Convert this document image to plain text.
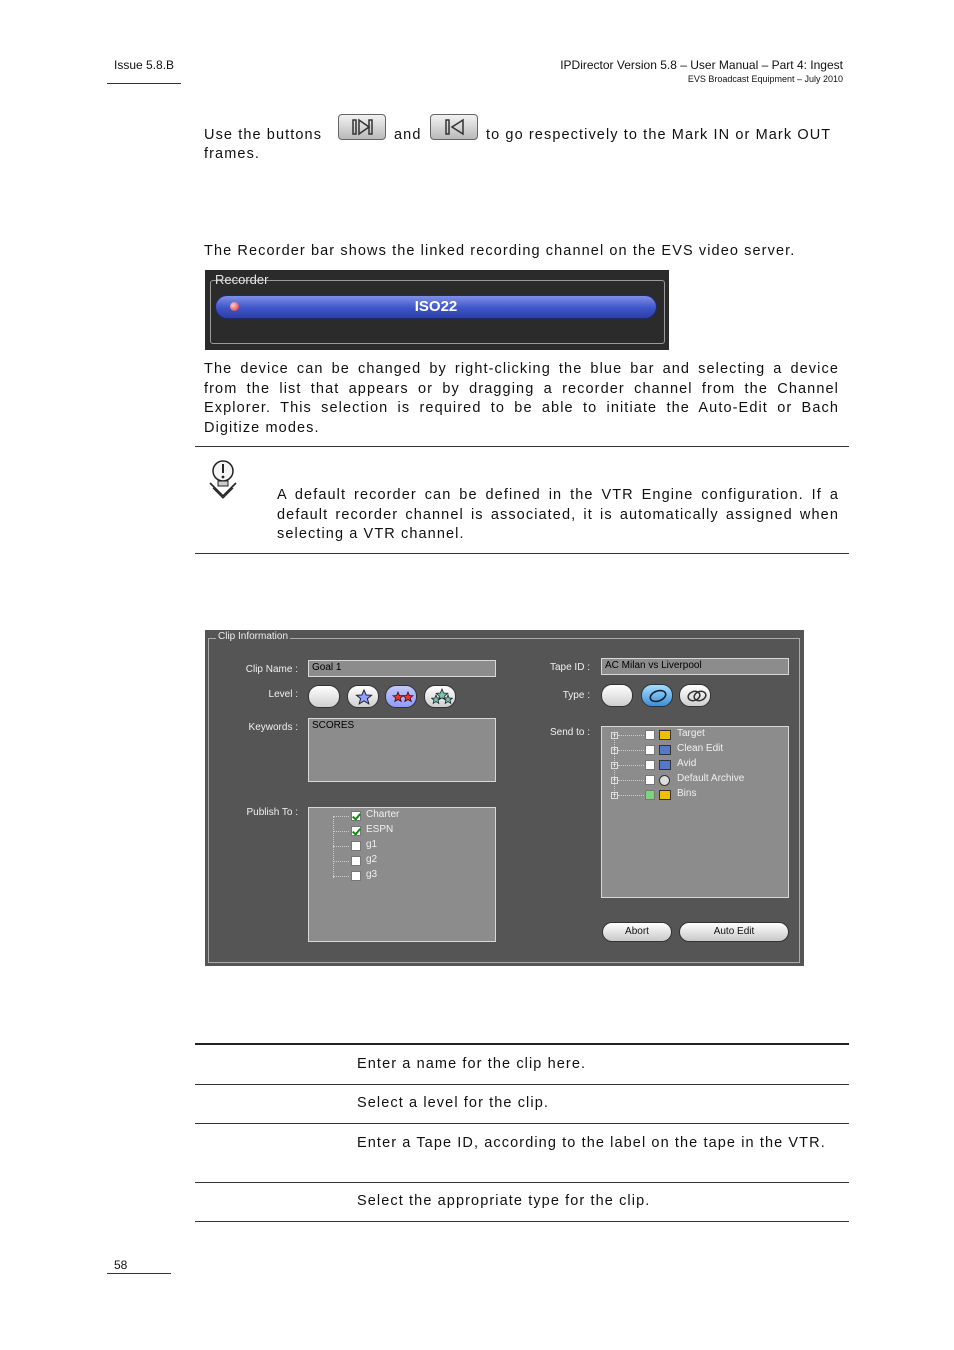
Issue 5.8.B	IPDirector Version 5.8 – User Manual – Part 4: Ingest
EVS Broadcast Equipment – July 2010
Use the buttons	and	to go respectively to the Mark IN or Mark OUT
frames.
The Recorder bar shows the linked recording channel on the EVS video server.
Recorder
ISO22
The device can be changed by right-clicking the blue bar and selecting a device from the list that appears or by dragging a recorder channel from the Channel Explorer. This selection is required to be able to initiate the Auto-Edit or Bach Digitize modes.
A default recorder can be defined in the VTR Engine configuration. If a default recorder channel is associated, it is automatically assigned when selecting a VTR channel.
Clip Information
Clip Name :	Goal 1
Level :
Keywords :	SCORES
Publish To :	Charter
ESPN
g1
g2
g3
Tape ID :	AC Milan vs Liverpool
Type :
Send to :	+	Target
+	Clean Edit
+	Avid
+	Default Archive
+	Bins
Abort	Auto Edit
Enter a name for the clip here.
Select a level for the clip.
Enter a Tape ID, according to the label on the tape in the VTR.
Select the appropriate type for the clip.
58
